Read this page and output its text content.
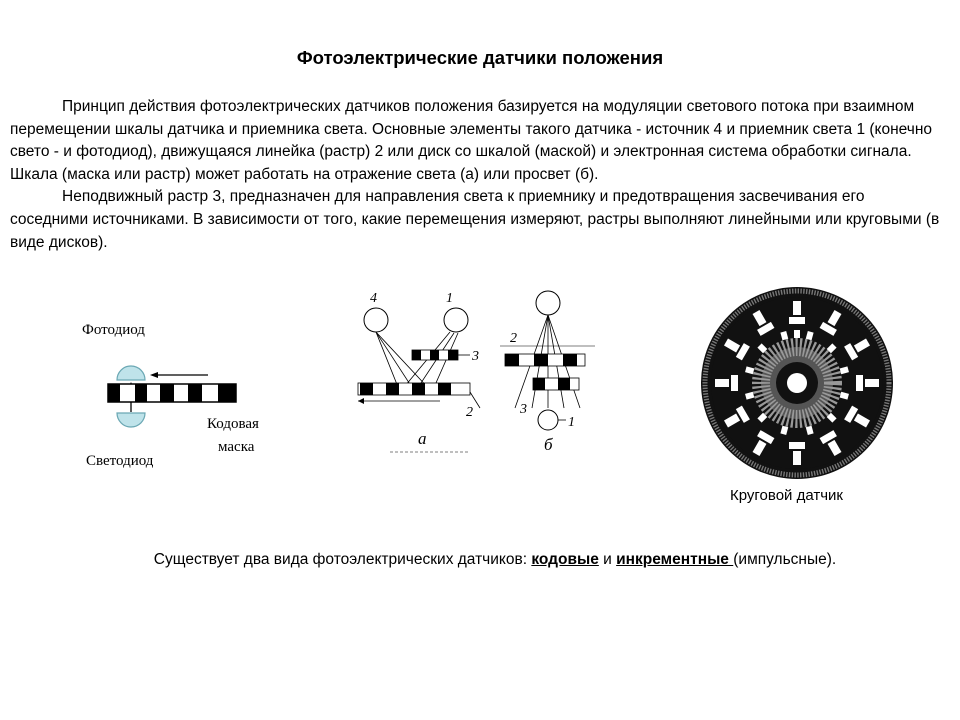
Фотоэлектрические датчики положения

Принцип действия фотоэлектрических датчиков положения базируется на модуляции светового потока при взаимном перемещении шкалы датчика и приемника света. Основные элементы такого датчика - источник 4 и приемник света 1 (конечно свето - и фотодиод), движущаяся линейка (растр) 2 или диск со шкалой (маской) и электронная система обработки сигнала. Шкала (маска или растр) может работать на отражение света (а) или просвет (б).

Неподвижный растр 3, предназначен для направления света к приемнику и предотвращения засвечивания его соседними источниками. В зависимости от того, какие перемещения измеряют, растры выполняют линейными или круговыми (в виде дисков).

Фотодиод
Светодиод
Кодовая
маска
4	1
3
2
а
2
3
1
б
Круговой датчик
Существует два вида фотоэлектрических датчиков: кодовые и инкрементные (импульсные).
